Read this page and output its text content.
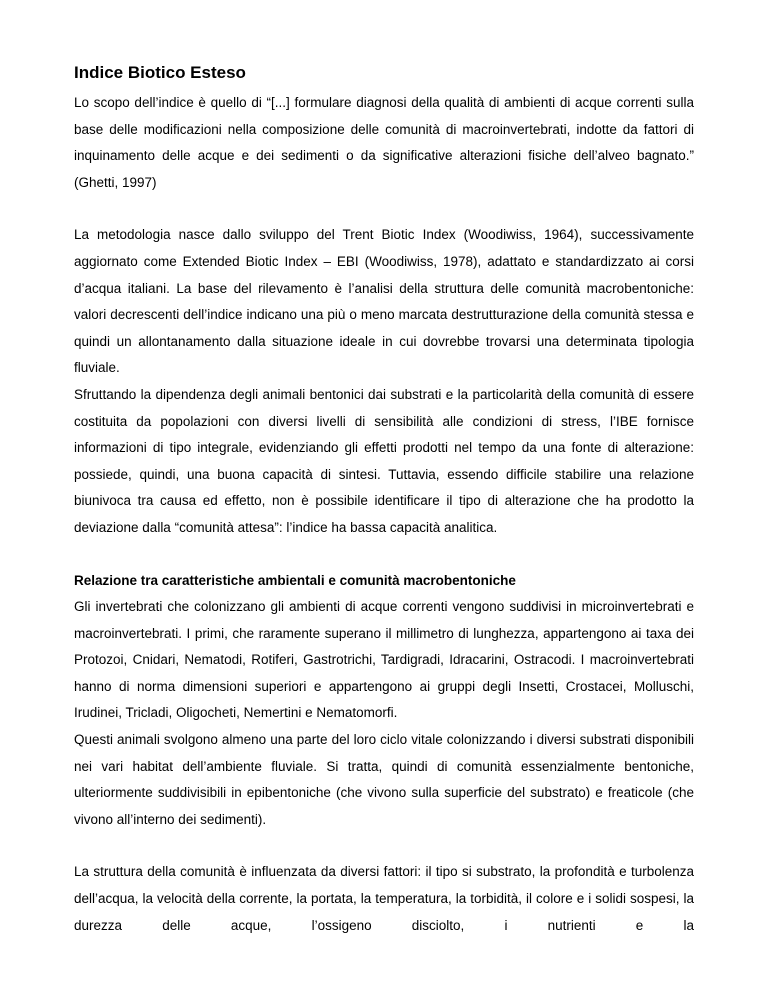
Indice Biotico Esteso

Lo scopo dell’indice è quello di “[...] formulare diagnosi della qualità di ambienti di acque correnti sulla base delle modificazioni nella composizione delle comunità di macroinvertebrati, indotte da fattori di inquinamento delle acque e dei sedimenti o da significative alterazioni fisiche dell’alveo bagnato.” (Ghetti, 1997)

La metodologia nasce dallo sviluppo del Trent Biotic Index (Woodiwiss, 1964), successivamente aggiornato come Extended Biotic Index – EBI (Woodiwiss, 1978), adattato e standardizzato ai corsi d’acqua italiani. La base del rilevamento è l’analisi della struttura delle comunità macrobentoniche: valori decrescenti dell’indice indicano una più o meno marcata destrutturazione della comunità stessa e quindi un allontanamento dalla situazione ideale in cui dovrebbe trovarsi una determinata tipologia fluviale.

Sfruttando la dipendenza degli animali bentonici dai substrati e la particolarità della comunità di essere costituita da popolazioni con diversi livelli di sensibilità alle condizioni di stress, l’IBE fornisce informazioni di tipo integrale, evidenziando gli effetti prodotti nel tempo da una fonte di alterazione: possiede, quindi, una buona capacità di sintesi. Tuttavia, essendo difficile stabilire una relazione biunivoca tra causa ed effetto, non è possibile identificare il tipo di alterazione che ha prodotto la deviazione dalla “comunità attesa”: l’indice ha bassa capacità analitica.

Relazione tra caratteristiche ambientali e comunità macrobentoniche

Gli invertebrati che colonizzano gli ambienti di acque correnti vengono suddivisi in microinvertebrati e macroinvertebrati. I primi, che raramente superano il millimetro di lunghezza, appartengono ai taxa dei Protozoi, Cnidari, Nematodi, Rotiferi, Gastrotrichi, Tardigradi, Idracarini, Ostracodi. I macroinvertebrati hanno di norma dimensioni superiori e appartengono ai gruppi degli Insetti, Crostacei, Molluschi, Irudinei, Tricladi, Oligocheti, Nemertini e Nematomorfi.

Questi animali svolgono almeno una parte del loro ciclo vitale colonizzando i diversi substrati disponibili nei vari habitat dell’ambiente fluviale. Si tratta, quindi di comunità essenzialmente bentoniche, ulteriormente suddivisibili in epibentoniche (che vivono sulla superficie del substrato) e freaticole (che vivono all’interno dei sedimenti).

La struttura della comunità è influenzata da diversi fattori: il tipo si substrato, la profondità e turbolenza dell’acqua, la velocità della corrente, la portata, la temperatura, la torbidità, il colore e i solidi sospesi, la durezza delle acque, l’ossigeno disciolto, i nutrienti e la
